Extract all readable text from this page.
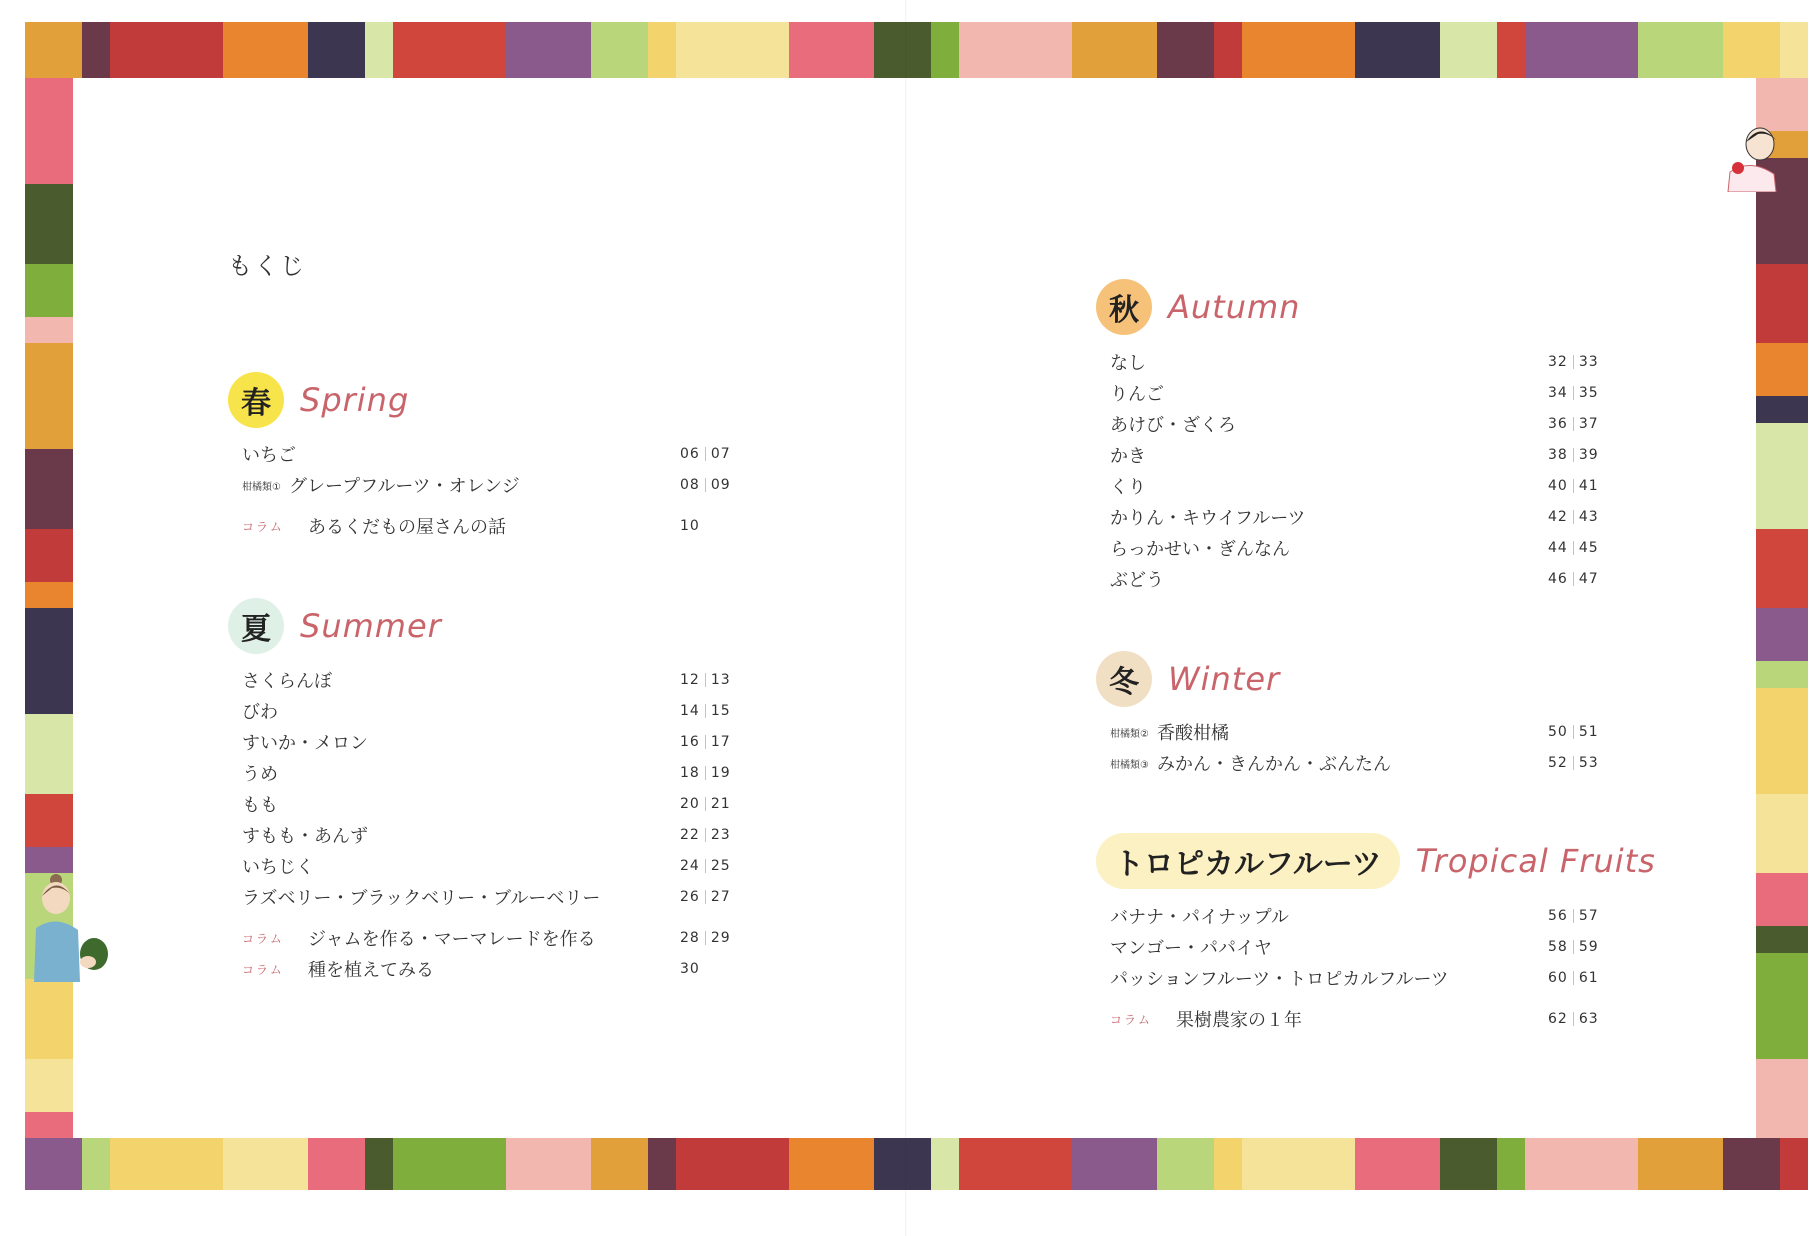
もくじ
春 Spring
いちご	06 07
柑橘類① グレープフルーツ・オレンジ	08 09
コラム	あるくだもの屋さんの話	10
夏 Summer
さくらんぼ	12 13
びわ	14 15
すいか・メロン	16 17
うめ	18 19
もも	20 21
すもも・あんず	22 23
いちじく	24 25
ラズベリー・ブラックベリー・ブルーベリー	26 27
コラム	ジャムを作る・マーマレードを作る	28 29
コラム	種を植えてみる	30
秋 Autumn
なし	32 33
りんご	34 35
あけび・ざくろ	36 37
かき	38 39
くり	40 41
かりん・キウイフルーツ	42 43
らっかせい・ぎんなん	44 45
ぶどう	46 47
冬 Winter
柑橘類② 香酸柑橘	50 51
柑橘類③ みかん・きんかん・ぶんたん	52 53
トロピカルフルーツ	Tropical Fruits
バナナ・パイナップル	56 57
マンゴー・パパイヤ	58 59
パッションフルーツ・トロピカルフルーツ	60 61
コラム	果樹農家の１年	62 63
